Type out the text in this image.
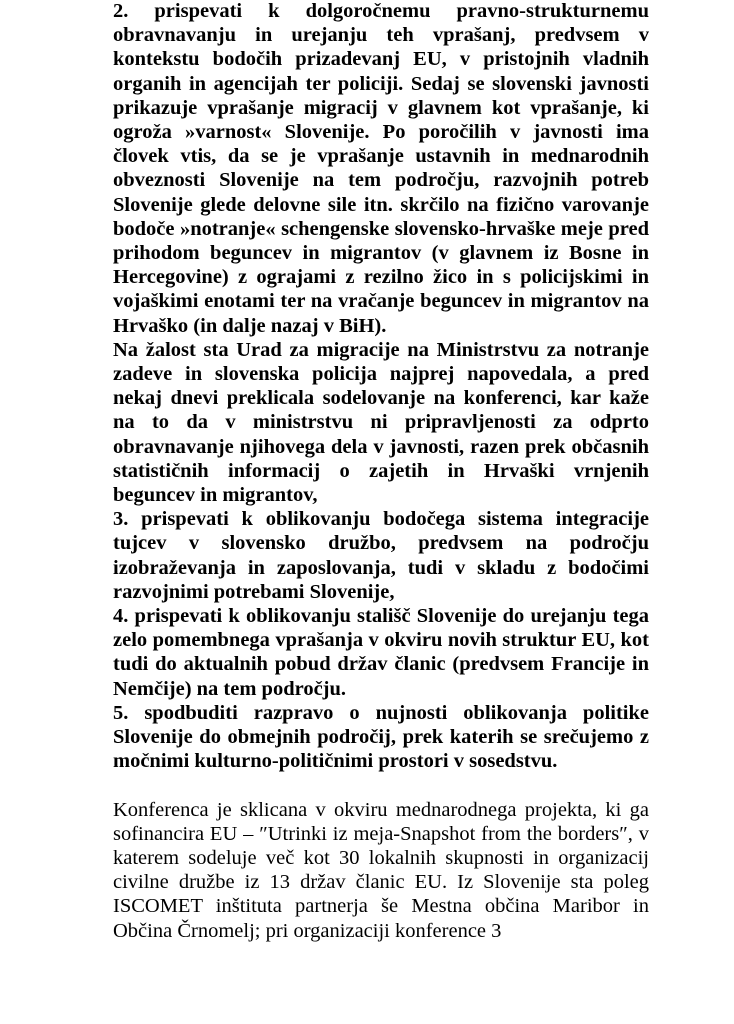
2. prispevati k dolgoročnemu pravno-strukturnemu obravnavanju in urejanju teh vprašanj, predvsem v kontekstu bodočih prizadevanj EU, v pristojnih vladnih organih in agencijah ter policiji. Sedaj se slovenski javnosti prikazuje vprašanje migracij v glavnem kot vprašanje, ki ogroža »varnost« Slovenije. Po poročilih v javnosti ima človek vtis, da se je vprašanje ustavnih in mednarodnih obveznosti Slovenije na tem področju, razvojnih potreb Slovenije glede delovne sile itn. skrčilo na fizično varovanje bodoče »notranje« schengenske slovensko-hrvaške meje pred prihodom beguncev in migrantov (v glavnem iz Bosne in Hercegovine) z ograjami z rezilno žico in s policijskimi in vojaškimi enotami ter na vračanje beguncev in migrantov na Hrvaško (in dalje nazaj v BiH).

Na žalost sta Urad za migracije na Ministrstvu za notranje zadeve in slovenska policija najprej napovedala, a pred nekaj dnevi preklicala sodelovanje na konferenci, kar kaže na to da v ministrstvu ni pripravljenosti za odprto obravnavanje njihovega dela v javnosti, razen prek občasnih statističnih informacij o zajetih in Hrvaški vrnjenih beguncev in migrantov,

3. prispevati k oblikovanju bodočega sistema integracije tujcev v slovensko družbo, predvsem na področju izobraževanja in zaposlovanja, tudi v skladu z bodočimi razvojnimi potrebami Slovenije,

4. prispevati k oblikovanju stališč Slovenije do urejanju tega zelo pomembnega vprašanja v okviru novih struktur EU, kot tudi do aktualnih pobud držav članic (predvsem Francije in Nemčije) na tem področju.

5. spodbuditi razpravo o nujnosti oblikovanja politike Slovenije do obmejnih področij, prek katerih se srečujemo z močnimi kulturno-političnimi prostori v sosedstvu.

Konferenca je sklicana v okviru mednarodnega projekta, ki ga sofinancira EU – ″Utrinki iz meja-Snapshot from the borders″, v katerem sodeluje več kot 30 lokalnih skupnosti in organizacij civilne družbe iz 13 držav članic EU. Iz Slovenije sta poleg ISCOMET inštituta partnerja še Mestna občina Maribor in Občina Črnomelj; pri organizaciji konference 3
